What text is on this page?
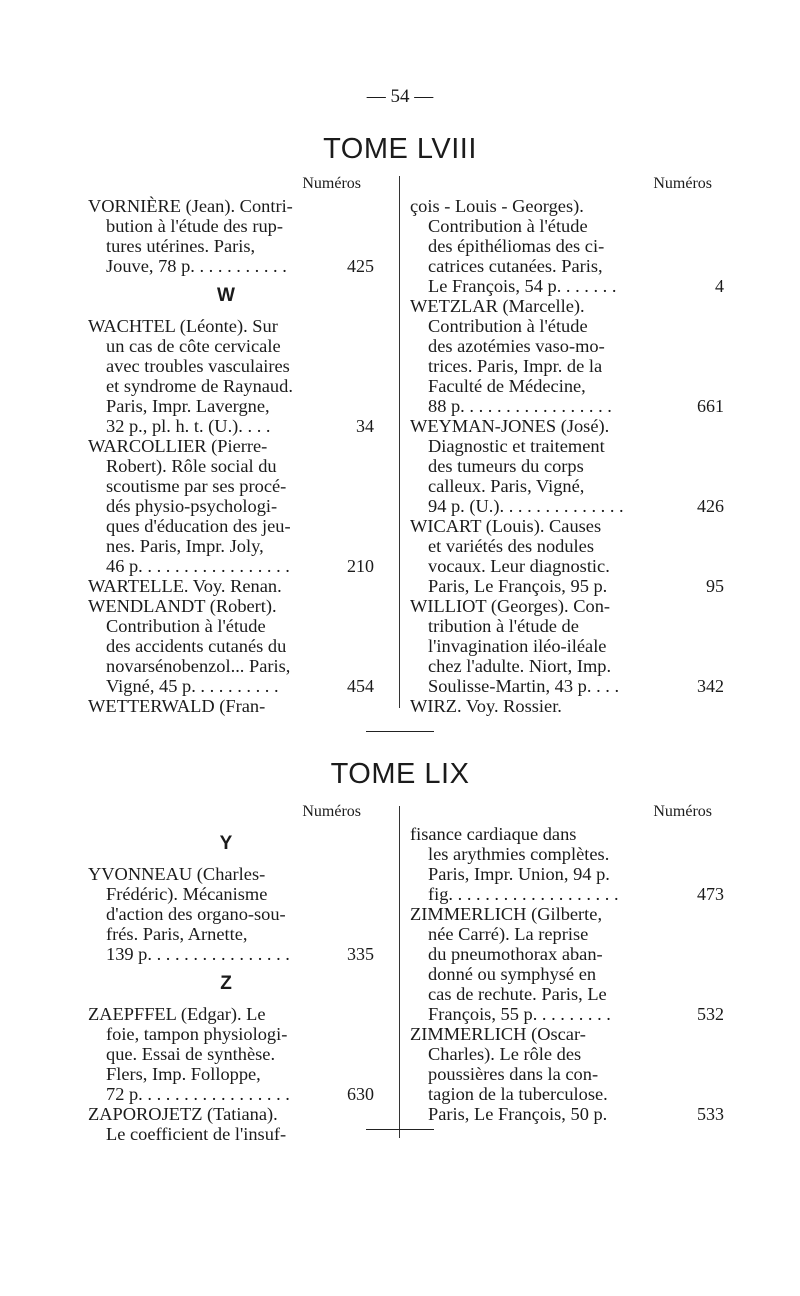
— 54 —
TOME LVIII
Numéros
VORNIÈRE (Jean). Contri-
bution à l'étude des rup-
tures utérines. Paris,
Jouve, 78 p. . . . . . . . . . .	425
W
WACHTEL (Léonte). Sur
un cas de côte cervicale
avec troubles vasculaires
et syndrome de Raynaud.
Paris, Impr. Lavergne,
32 p., pl. h. t. (U.). . . .	34
WARCOLLIER (Pierre-
Robert). Rôle social du
scoutisme par ses procé-
dés physio-psychologi-
ques d'éducation des jeu-
nes. Paris, Impr. Joly,
46 p. . . . . . . . . . . . . . . . .	210
WARTELLE. Voy. Renan.
WENDLANDT (Robert).
Contribution à l'étude
des accidents cutanés du
novarsénobenzol... Paris,
Vigné, 45 p. . . . . . . . . .	454
WETTERWALD (Fran-
Numéros
çois - Louis - Georges).
Contribution à l'étude
des épithéliomas des ci-
catrices cutanées. Paris,
Le François, 54 p. . . . . . .	4
WETZLAR (Marcelle).
Contribution à l'étude
des azotémies vaso-mo-
trices. Paris, Impr. de la
Faculté de Médecine,
88 p. . . . . . . . . . . . . . . . .	661
WEYMAN-JONES (José).
Diagnostic et traitement
des tumeurs du corps
calleux. Paris, Vigné,
94 p. (U.). . . . . . . . . . . . . .	426
WICART (Louis). Causes
et variétés des nodules
vocaux. Leur diagnostic.
Paris, Le François, 95 p.	95
WILLIOT (Georges). Con-
tribution à l'étude de
l'invagination iléo-iléale
chez l'adulte. Niort, Imp.
Soulisse-Martin, 43 p. . . .	342
WIRZ. Voy. Rossier.
TOME LIX
Numéros
Y
YVONNEAU (Charles-
Frédéric). Mécanisme
d'action des organo-sou-
frés. Paris, Arnette,
139 p. . . . . . . . . . . . . . . .	335
Z
ZAEPFFEL (Edgar). Le
foie, tampon physiologi-
que. Essai de synthèse.
Flers, Imp. Folloppe,
72 p. . . . . . . . . . . . . . . . .	630
ZAPOROJETZ (Tatiana).
Le coefficient de l'insuf-
Numéros
fisance cardiaque dans
les arythmies complètes.
Paris, Impr. Union, 94 p.
fig. . . . . . . . . . . . . . . . . . .	473
ZIMMERLICH (Gilberte,
née Carré). La reprise
du pneumothorax aban-
donné ou symphysé en
cas de rechute. Paris, Le
François, 55 p. . . . . . . . .	532
ZIMMERLICH (Oscar-
Charles). Le rôle des
poussières dans la con-
tagion de la tuberculose.
Paris, Le François, 50 p.	533
